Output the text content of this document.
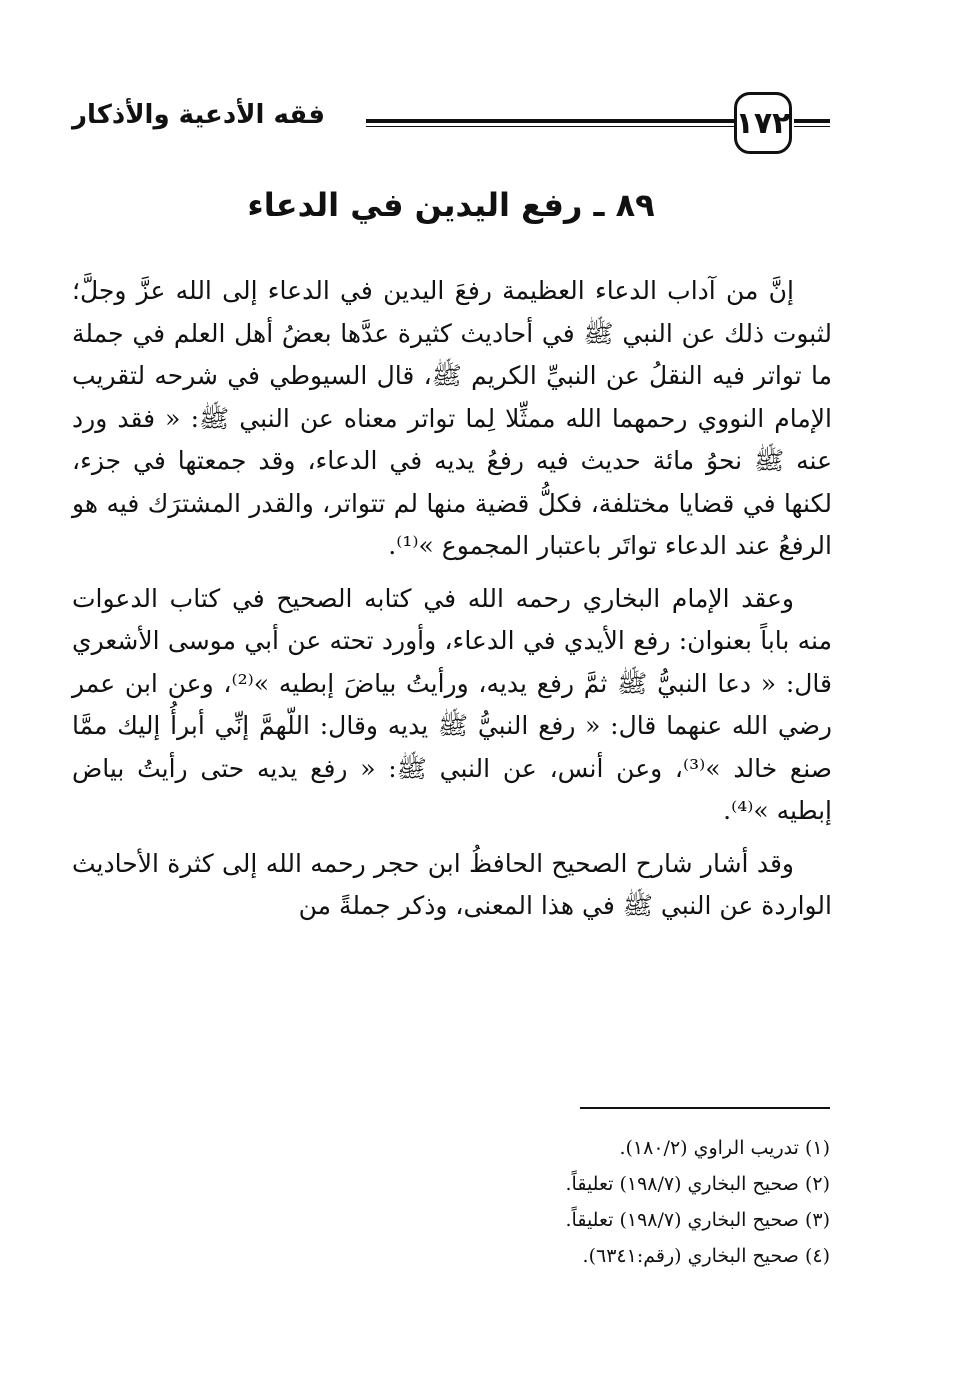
١٧٢
فقه الأدعية والأذكار
٨٩ ـ رفع اليدين في الدعاء

إنَّ من آداب الدعاء العظيمة رفعَ اليدين في الدعاء إلى الله عزَّ وجلَّ؛ لثبوت ذلك عن النبي ﷺ في أحاديث كثيرة عدَّها بعضُ أهل العلم في جملة ما تواتر فيه النقلُ عن النبيِّ الكريم ﷺ، قال السيوطي في شرحه لتقريب الإمام النووي رحمهما الله ممثِّلا لِما تواتر معناه عن النبي ﷺ: « فقد ورد عنه ﷺ نحوُ مائة حديث فيه رفعُ يديه في الدعاء، وقد جمعتها في جزء، لكنها في قضايا مختلفة، فكلُّ قضية منها لم تتواتر، والقدر المشترَك فيه هو الرفعُ عند الدعاء تواتَر باعتبار المجموع »⁽¹⁾.

وعقد الإمام البخاري رحمه الله في كتابه الصحيح في كتاب الدعوات منه باباً بعنوان: رفع الأيدي في الدعاء، وأورد تحته عن أبي موسى الأشعري قال: « دعا النبيُّ ﷺ ثمَّ رفع يديه، ورأيتُ بياضَ إبطيه »⁽²⁾، وعن ابن عمر رضي الله عنهما قال: « رفع النبيُّ ﷺ يديه وقال: اللّهمَّ إنِّي أبرأُ إليك ممَّا صنع خالد »⁽³⁾، وعن أنس، عن النبي ﷺ: « رفع يديه حتى رأيتُ بياض إبطيه »⁽⁴⁾.

وقد أشار شارح الصحيح الحافظُ ابن حجر رحمه الله إلى كثرة الأحاديث الواردة عن النبي ﷺ في هذا المعنى، وذكر جملةً من

(١) تدريب الراوي (١٨٠/٢).
(٢) صحيح البخاري (١٩٨/٧) تعليقاً.
(٣) صحيح البخاري (١٩٨/٧) تعليقاً.
(٤) صحيح البخاري (رقم:٦٣٤١).
